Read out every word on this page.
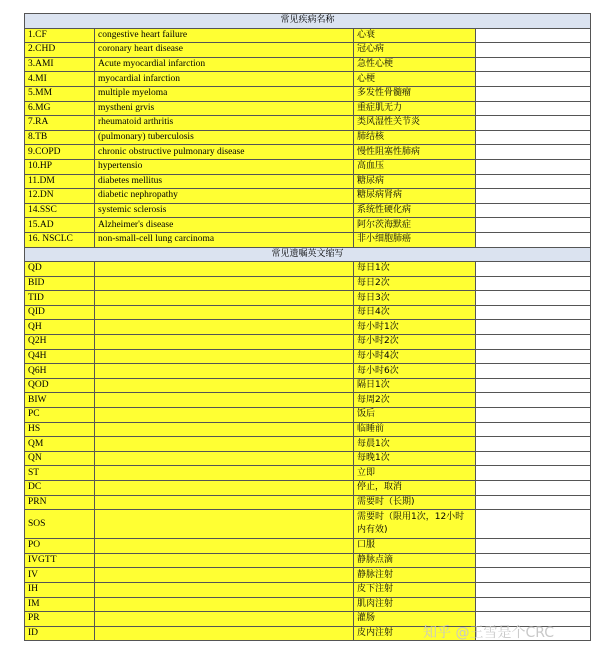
常见疾病名称			
1.CF	congestive heart failure	心衰	
2.CHD	coronary heart disease	冠心病	
3.AMI	Acute myocardial infarction	急性心梗	
4.MI	myocardial infarction	心梗	
5.MM	multiple myeloma	多发性骨髓瘤	
6.MG	mystheni grvis	重症肌无力	
7.RA	rheumatoid arthritis	类风湿性关节炎	
8.TB	(pulmonary) tuberculosis	肺结核	
9.COPD	chronic obstructive pulmonary disease	慢性阻塞性肺病	
10.HP	hypertensio	高血压	
11.DM	diabetes mellitus	糖尿病	
12.DN	diabetic nephropathy	糖尿病肾病	
14.SSC	systemic sclerosis	系统性硬化病	
15.AD	Alzheimer's disease	阿尔茨海默症	
16. NSCLC	non-small-cell lung carcinoma	非小细胞肺癌	
常见遗嘱英文缩写			
QD		每日1次	
BID		每日2次	
TID		每日3次	
QID		每日4次	
QH		每小时1次	
Q2H		每小时2次	
Q4H		每小时4次	
Q6H		每小时6次	
QOD		隔日1次	
BIW		每周2次	
PC		饭后	
HS		临睡前	
QM		每晨1次	
QN		每晚1次	
ST		立即	
DC		停止，取消	
PRN		需要时（长期)	
SOS		需要时（限用1次，12小时内有效)	
PO		口服	
IVGTT		静脉点滴	
IV		静脉注射	
IH		皮下注射	
IM		肌肉注射	
PR		灌肠	
ID		皮内注射	知乎 @王雪是个CRC
